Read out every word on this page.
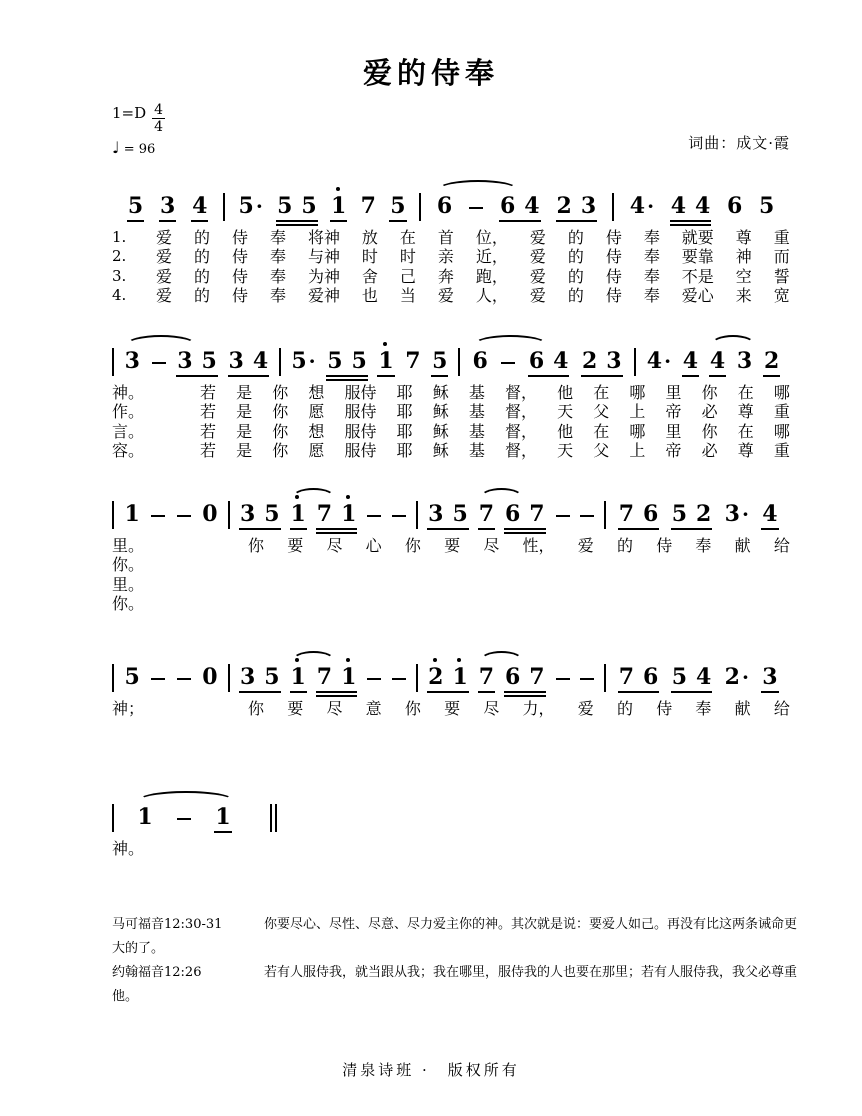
爱的侍奉
$1=D \frac{4}{4}$
♩ = 96	词曲：成文·霞
5 3 4 5 · 5 5 1 7 5 6 6 4 2 3 4 · 4 4 6 5
1.	爱 的 侍 奉 将神 放 在 首 位， 爱 的 侍 奉 就要 尊 重
2.	爱 的 侍 奉 与神 时 时 亲 近， 爱 的 侍 奉 要靠 神 而
3.	爱 的 侍 奉 为神 舍 己 奔 跑， 爱 的 侍 奉 不是 空 誓
4.	爱 的 侍 奉 爱神 也 当 爱 人， 爱 的 侍 奉 爱心 来 宽
3 3 5 3 4 5 · 5 5 1 7 5 6 6 4 2 3 4 · 4 4 3 2
神。	若 是 你 想 服侍 耶 稣 基 督， 他 在 哪 里 你 在 哪
作。	若 是 你 愿 服侍 耶 稣 基 督， 天 父 上 帝 必 尊 重
言。	若 是 你 想 服侍 耶 稣 基 督， 他 在 哪 里 你 在 哪
容。	若 是 你 愿 服侍 耶 稣 基 督， 天 父 上 帝 必 尊 重
1	0 3 5 1 7 1	3 5 7 6 7	7 6 5 2 3 · 4
里。	你 要 尽 心 你 要 尽 性， 爱 的 侍 奉 献 给
你。
里。
你。
5	0 3 5 1 7 1	2 1 7 6 7	7 6 5 4 2 · 3
神；	你 要 尽 意 你 要 尽 力， 爱 的 侍 奉 献 给
1	1
神。
马可福音12:30-31	你要尽心、尽性、尽意、尽力爱主你的神。其次就是说：要爱人如己。再没有比这两条诫命更大的了。
约翰福音12:26	若有人服侍我，就当跟从我；我在哪里，服侍我的人也要在那里；若有人服侍我，我父必尊重他。
清泉诗班 ·　版权所有
